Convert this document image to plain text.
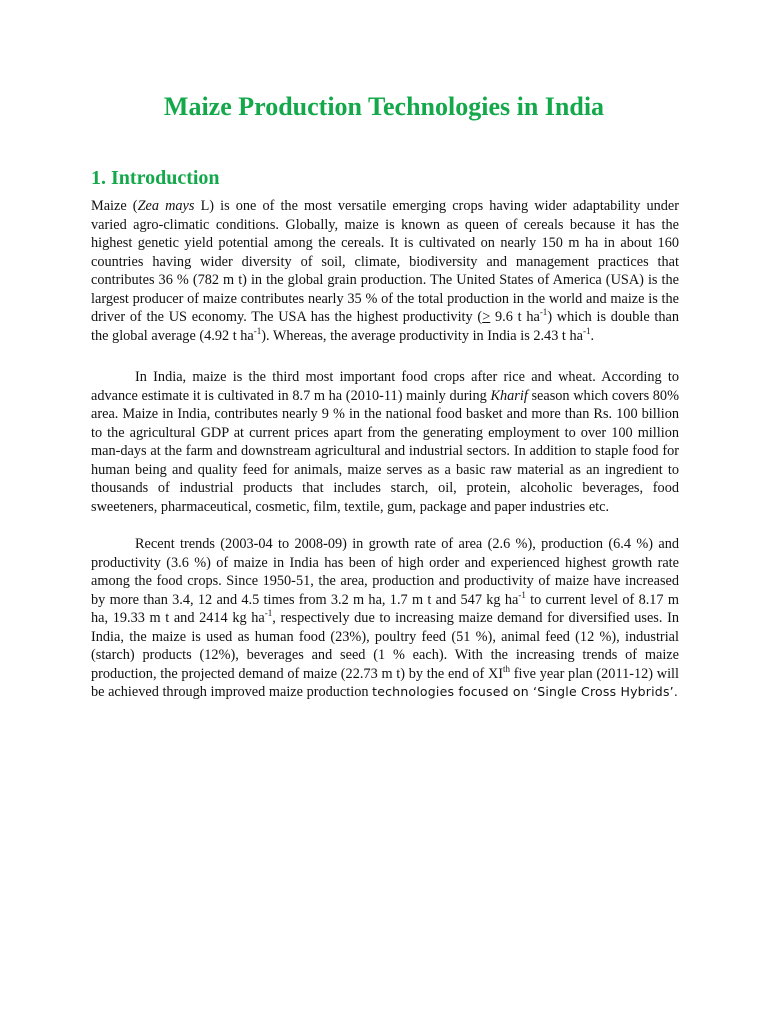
Maize Production Technologies in India
1. Introduction

Maize (Zea mays L) is one of the most versatile emerging crops having wider adaptability under varied agro-climatic conditions. Globally, maize is known as queen of cereals because it has the highest genetic yield potential among the cereals. It is cultivated on nearly 150 m ha in about 160 countries having wider diversity of soil, climate, biodiversity and management practices that contributes 36 % (782 m t) in the global grain production. The United States of America (USA) is the largest producer of maize contributes nearly 35 % of the total production in the world and maize is the driver of the US economy. The USA has the highest productivity (> 9.6 t $ha^{-1}$) which is double than the global average (4.92 t $ha^{-1}$). Whereas, the average productivity in India is 2.43 t $ha^{-1}$.

In India, maize is the third most important food crops after rice and wheat. According to advance estimate it is cultivated in 8.7 m ha (2010-11) mainly during Kharif season which covers 80% area. Maize in India, contributes nearly 9 % in the national food basket and more than Rs. 100 billion to the agricultural GDP at current prices apart from the generating employment to over 100 million man-days at the farm and downstream agricultural and industrial sectors. In addition to staple food for human being and quality feed for animals, maize serves as a basic raw material as an ingredient to thousands of industrial products that includes starch, oil, protein, alcoholic beverages, food sweeteners, pharmaceutical, cosmetic, film, textile, gum, package and paper industries etc.

Recent trends (2003-04 to 2008-09) in growth rate of area (2.6 %), production (6.4 %) and productivity (3.6 %) of maize in India has been of high order and experienced highest growth rate among the food crops. Since 1950-51, the area, production and productivity of maize have increased by more than 3.4, 12 and 4.5 times from 3.2 m ha, 1.7 m t and 547 kg $ha^{-1}$ to current level of 8.17 m ha, 19.33 m t and 2414 kg $ha^{-1}$, respectively due to increasing maize demand for diversified uses. In India, the maize is used as human food (23%), poultry feed (51 %), animal feed (12 %), industrial (starch) products (12%), beverages and seed (1 % each). With the increasing trends of maize production, the projected demand of maize (22.73 m t) by the end of XIth five year plan (2011-12) will be achieved through improved maize production technologies focused on ‘Single Cross Hybrids’.
